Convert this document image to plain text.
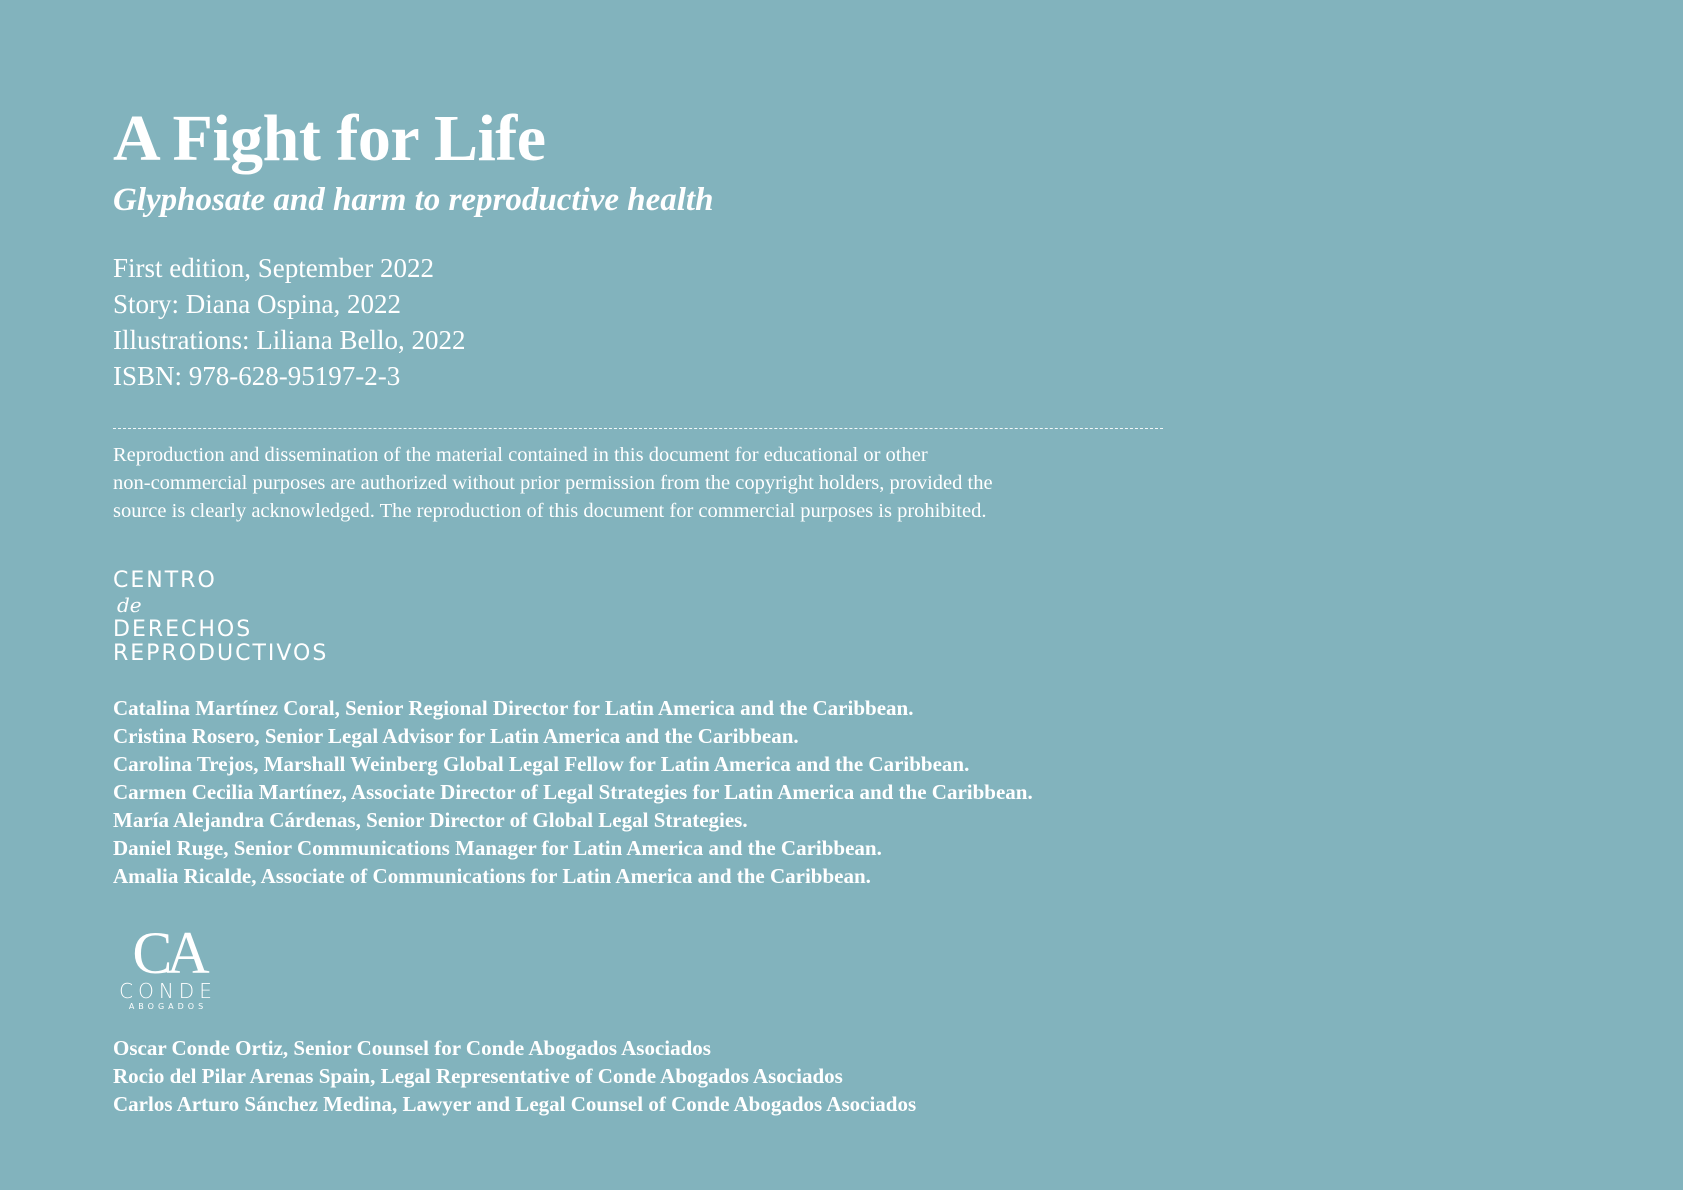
A Fight for Life
Glyphosate and harm to reproductive health
First edition, September 2022
Story: Diana Ospina, 2022
Illustrations: Liliana Bello, 2022
ISBN: 978-628-95197-2-3
Reproduction and dissemination of the material contained in this document for educational or other
non-commercial purposes are authorized without prior permission from the copyright holders, provided the
source is clearly acknowledged. The reproduction of this document for commercial purposes is prohibited.
CENTRO
de
DERECHOS
REPRODUCTIVOS
Catalina Martínez Coral, Senior Regional Director for Latin America and the Caribbean.
Cristina Rosero, Senior Legal Advisor for Latin America and the Caribbean.
Carolina Trejos, Marshall Weinberg Global Legal Fellow for Latin America and the Caribbean.
Carmen Cecilia Martínez, Associate Director of Legal Strategies for Latin America and the Caribbean.
María Alejandra Cárdenas, Senior Director of Global Legal Strategies.
Daniel Ruge, Senior Communications Manager for Latin America and the Caribbean.
Amalia Ricalde, Associate of Communications for Latin America and the Caribbean.
CA
CONDE
ABOGADOS
Oscar Conde Ortiz, Senior Counsel for Conde Abogados Asociados
Rocio del Pilar Arenas Spain, Legal Representative of Conde Abogados Asociados
Carlos Arturo Sánchez Medina, Lawyer and Legal Counsel of Conde Abogados Asociados
